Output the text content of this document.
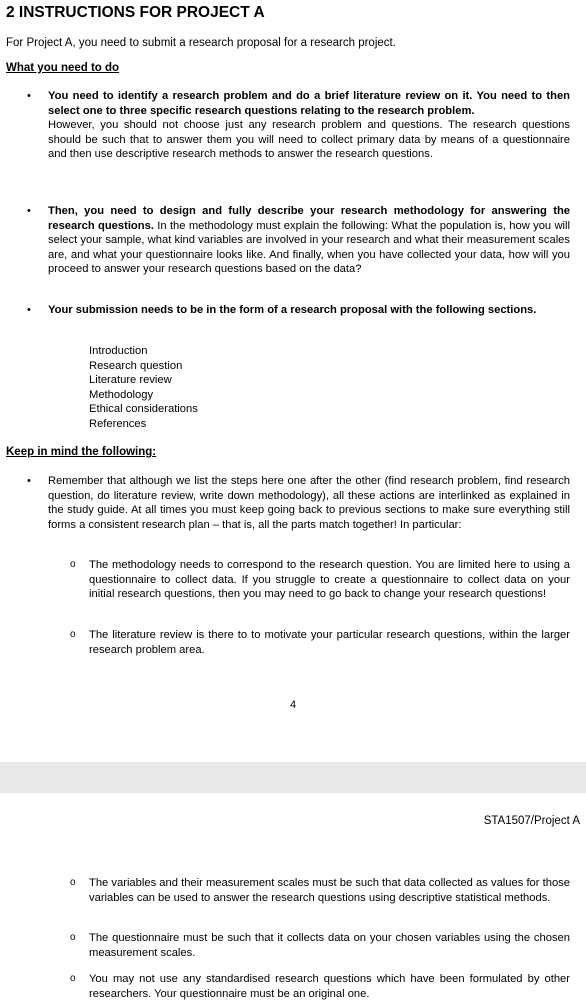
2 INSTRUCTIONS FOR PROJECT A
For Project A, you need to submit a research proposal for a research project.
What you need to do
• You need to identify a research problem and do a brief literature review on it. You need to then select one to three specific research questions relating to the research problem.
However, you should not choose just any research problem and questions. The research questions should be such that to answer them you will need to collect primary data by means of a questionnaire and then use descriptive research methods to answer the research questions.
• Then, you need to design and fully describe your research methodology for answering the research questions. In the methodology must explain the following: What the population is, how you will select your sample, what kind variables are involved in your research and what their measurement scales are, and what your questionnaire looks like. And finally, when you have collected your data, how will you proceed to answer your research questions based on the data?
• Your submission needs to be in the form of a research proposal with the following sections.
Introduction
Research question
Literature review
Methodology
Ethical considerations
References
Keep in mind the following:
• Remember that although we list the steps here one after the other (find research problem, find research question, do literature review, write down methodology), all these actions are interlinked as explained in the study guide. At all times you must keep going back to previous sections to make sure everything still forms a consistent research plan – that is, all the parts match together! In particular:
o The methodology needs to correspond to the research question. You are limited here to using a questionnaire to collect data. If you struggle to create a questionnaire to collect data on your initial research questions, then you may need to go back to change your research questions!
o The literature review is there to to motivate your particular research questions, within the larger research problem area.
4
STA1507/Project A
o The variables and their measurement scales must be such that data collected as values for those variables can be used to answer the research questions using descriptive statistical methods.
o The questionnaire must be such that it collects data on your chosen variables using the chosen measurement scales.
o You may not use any standardised research questions which have been formulated by other researchers. Your questionnaire must be an original one.
